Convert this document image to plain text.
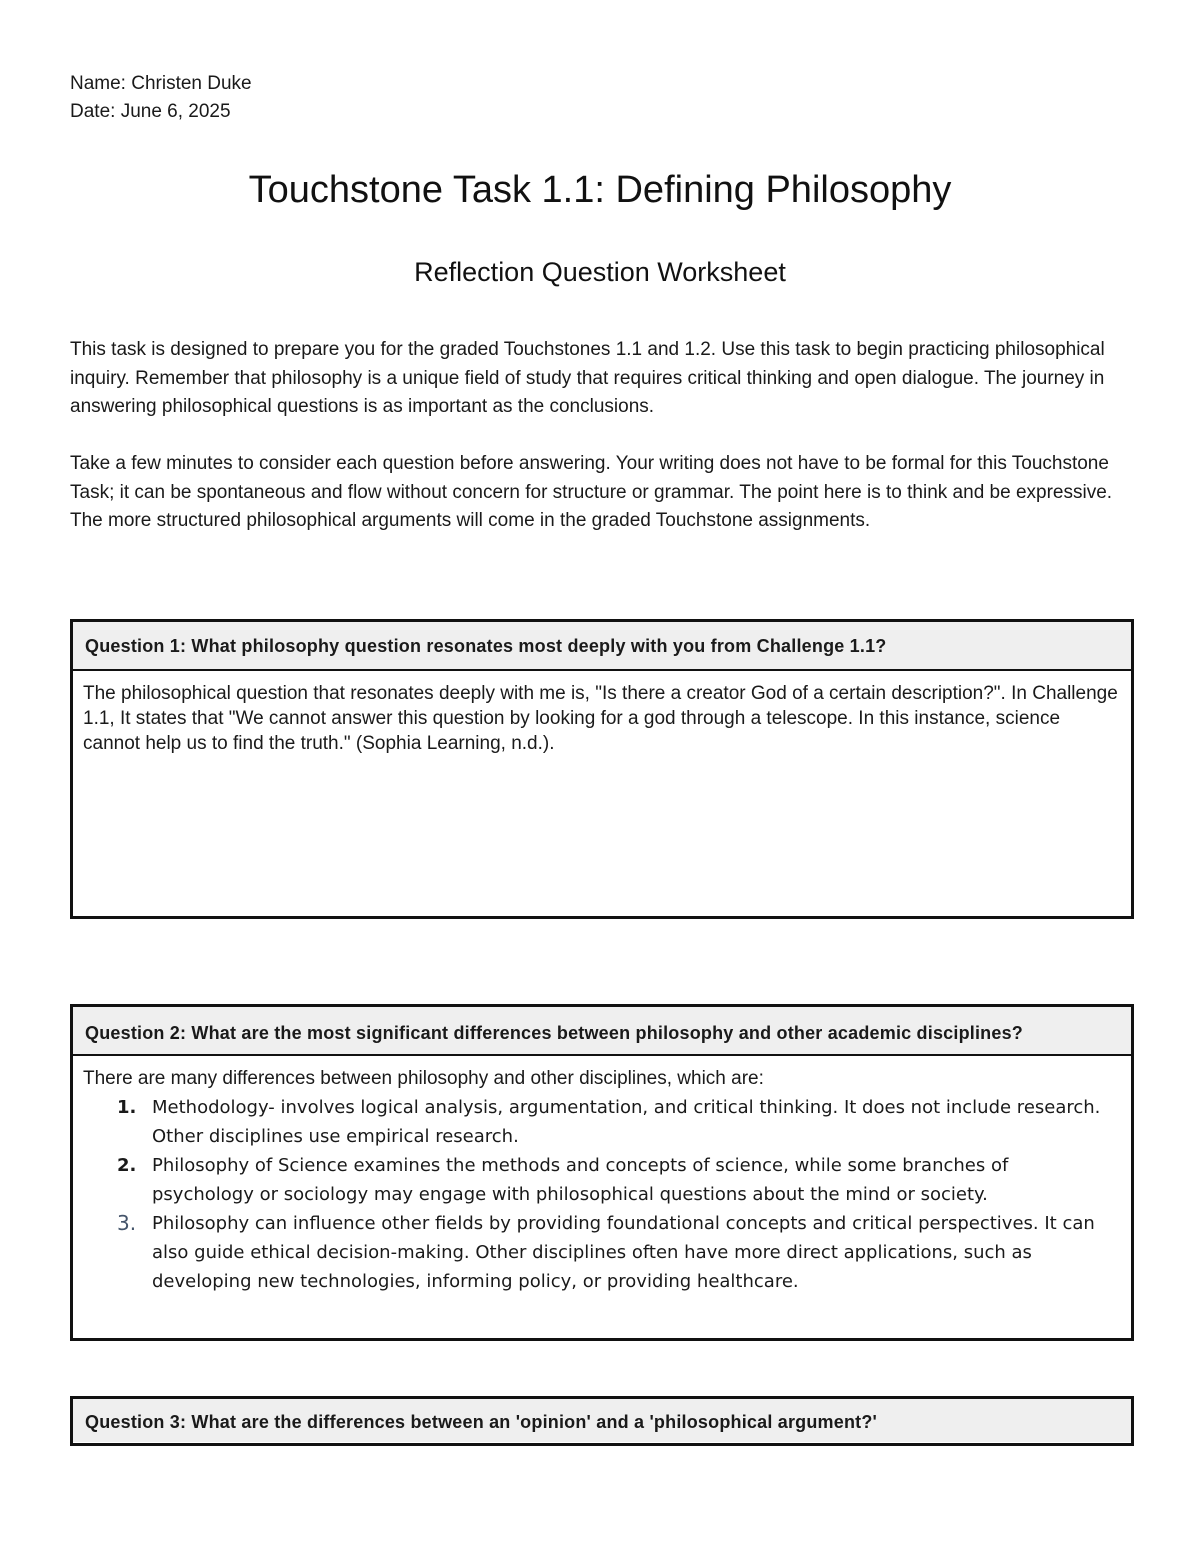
Name: Christen Duke
Date: June 6, 2025
Touchstone Task 1.1: Defining Philosophy
Reflection Question Worksheet

This task is designed to prepare you for the graded Touchstones 1.1 and 1.2. Use this task to begin practicing philosophical inquiry. Remember that philosophy is a unique field of study that requires critical thinking and open dialogue. The journey in answering philosophical questions is as important as the conclusions.

Take a few minutes to consider each question before answering. Your writing does not have to be formal for this Touchstone Task; it can be spontaneous and flow without concern for structure or grammar. The point here is to think and be expressive. The more structured philosophical arguments will come in the graded Touchstone assignments.

Question 1: What philosophy question resonates most deeply with you from Challenge 1.1?
The philosophical question that resonates deeply with me is, "Is there a creator God of a certain description?". In Challenge 1.1, It states that "We cannot answer this question by looking for a god through a telescope. In this instance, science cannot help us to find the truth." (Sophia Learning, n.d.).
Question 2: What are the most significant differences between philosophy and other academic disciplines?
There are many differences between philosophy and other disciplines, which are:
1. Methodology- involves logical analysis, argumentation, and critical thinking. It does not include research. Other disciplines use empirical research.
2. Philosophy of Science examines the methods and concepts of science, while some branches of psychology or sociology may engage with philosophical questions about the mind or society.
3. Philosophy can influence other fields by providing foundational concepts and critical perspectives. It can also guide ethical decision-making. Other disciplines often have more direct applications, such as developing new technologies, informing policy, or providing healthcare.
Question 3: What are the differences between an 'opinion' and a 'philosophical argument?'
